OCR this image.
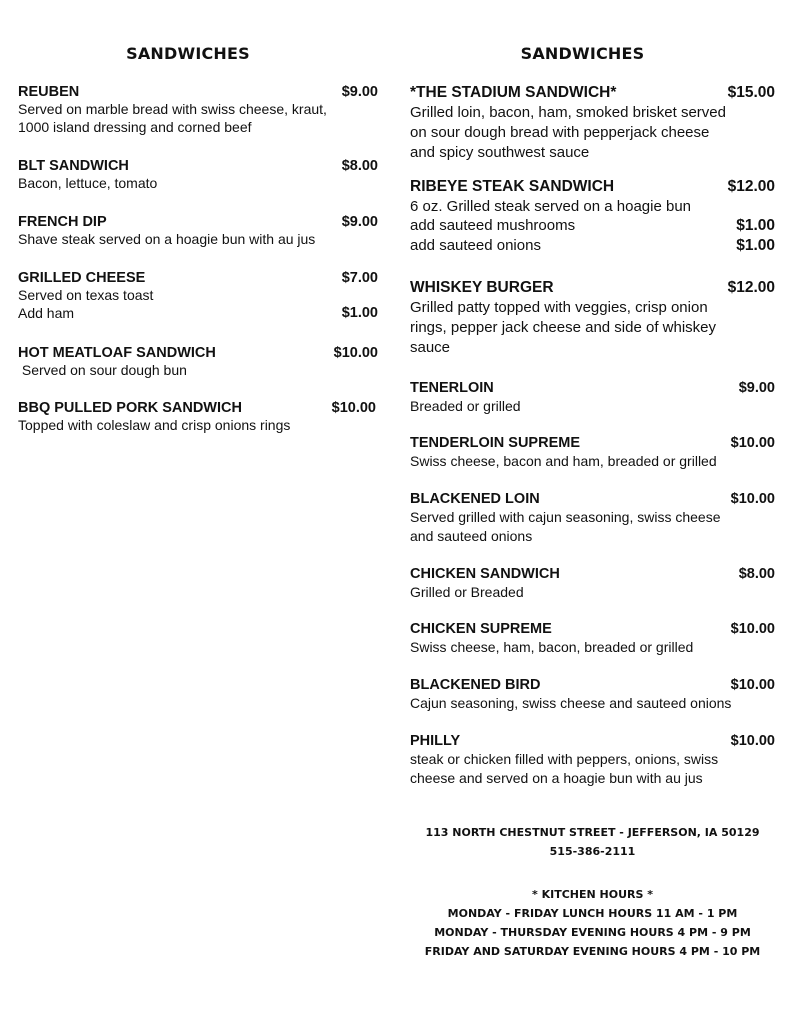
SANDWICHES
REUBEN	$9.00
Served on marble bread with swiss cheese, kraut,
1000 island dressing and corned beef
BLT SANDWICH	$8.00
Bacon, lettuce, tomato
FRENCH DIP	$9.00
Shave steak served on a hoagie bun with au jus
GRILLED CHEESE	$7.00
Served on texas toast
Add ham	$1.00
HOT MEATLOAF SANDWICH	$10.00
Served on sour dough bun
BBQ PULLED PORK SANDWICH	$10.00
Topped with coleslaw and crisp onions rings
SANDWICHES
*THE STADIUM SANDWICH*	$15.00
Grilled loin, bacon, ham, smoked brisket served
on sour dough bread with pepperjack cheese
and spicy southwest sauce
RIBEYE STEAK SANDWICH	$12.00
6 oz. Grilled steak served on a hoagie bun
add sauteed mushrooms	$1.00
add sauteed onions	$1.00
WHISKEY BURGER	$12.00
Grilled patty topped with veggies, crisp onion
rings, pepper jack cheese and side of whiskey
sauce
TENERLOIN	$9.00
Breaded or grilled
TENDERLOIN SUPREME	$10.00
Swiss cheese, bacon and ham, breaded or grilled
BLACKENED LOIN	$10.00
Served grilled with cajun seasoning, swiss cheese
and sauteed onions
CHICKEN SANDWICH	$8.00
Grilled or Breaded
CHICKEN SUPREME	$10.00
Swiss cheese, ham, bacon, breaded or grilled
BLACKENED BIRD	$10.00
Cajun seasoning, swiss cheese and sauteed onions
PHILLY	$10.00
steak or chicken filled with peppers, onions, swiss
cheese and served on a hoagie bun with au jus
113 NORTH CHESTNUT STREET - JEFFERSON, IA 50129
515-386-2111
* KITCHEN HOURS *
MONDAY - FRIDAY LUNCH HOURS 11 AM - 1 PM
MONDAY - THURSDAY EVENING HOURS 4 PM - 9 PM
FRIDAY AND SATURDAY EVENING HOURS 4 PM - 10 PM
